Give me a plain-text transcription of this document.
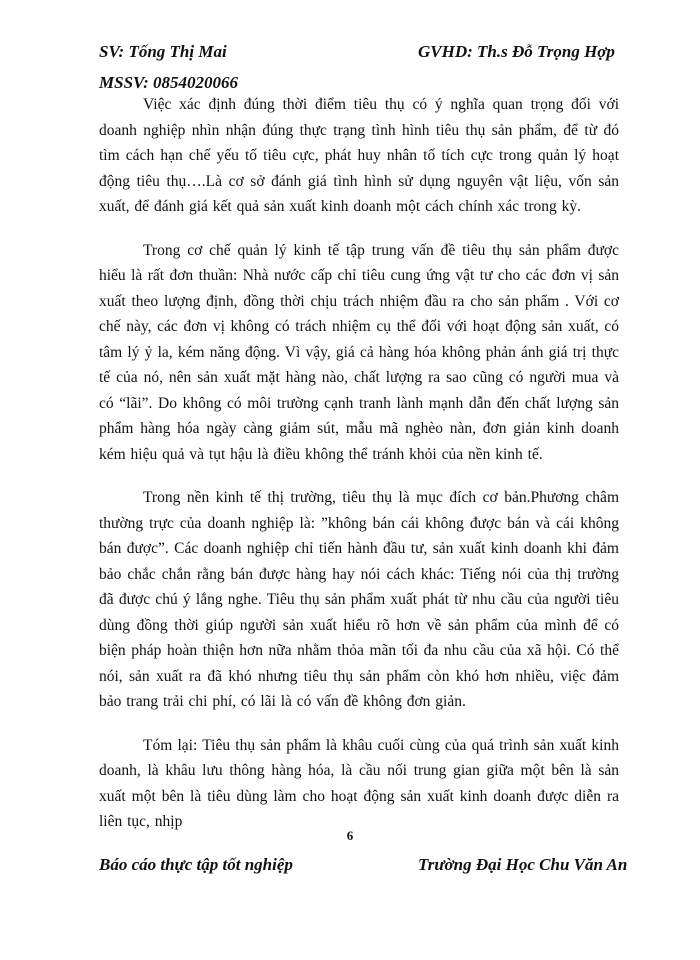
SV: Tống Thị Mai	GVHD: Th.s Đỗ Trọng Hợp
MSSV: 0854020066

Việc xác định đúng thời điểm tiêu thụ có ý nghĩa quan trọng đối với doanh nghiệp nhìn nhận đúng thực trạng tình hình tiêu thụ sản phẩm, để từ đó tìm cách hạn chế yếu tố tiêu cực, phát huy nhân tố tích cực trong quản lý hoạt động tiêu thụ….Là cơ sở đánh giá tình hình sử dụng nguyên vật liệu, vốn sản xuất, để đánh giá kết quả sản xuất kinh doanh một cách chính xác trong kỳ.

Trong cơ chế quản lý kinh tế tập trung vấn đề tiêu thụ sản phẩm được hiểu là rất đơn thuần: Nhà nước cấp chỉ tiêu cung ứng vật tư cho các đơn vị sản xuất theo lượng định, đồng thời chịu trách nhiệm đầu ra cho sản phẩm . Với cơ chế này, các đơn vị không có trách nhiệm cụ thể đối với hoạt động sản xuất, có tâm lý ỷ la, kém năng động. Vì vậy, giá cả hàng hóa không phản ánh giá trị thực tế của nó, nên sản xuất mặt hàng nào, chất lượng ra sao cũng có người mua và có “lãi”. Do không có môi trường cạnh tranh lành mạnh dẫn đến chất lượng sản phẩm hàng hóa ngày càng giảm sút, mẫu mã nghèo nàn, đơn giản kinh doanh kém hiệu quả và tụt hậu là điều không thể tránh khỏi của nền kinh tế.

Trong nền kinh tế thị trường, tiêu thụ là mục đích cơ bản.Phương châm thường trực của doanh nghiệp là: ”không bán cái không được bán và cái không bán được”. Các doanh nghiệp chỉ tiến hành đầu tư, sản xuất kinh doanh khi đảm bảo chắc chắn rằng bán được hàng hay nói cách khác: Tiếng nói của thị trường đã được chú ý lắng nghe. Tiêu thụ sản phẩm xuất phát từ nhu cầu của người tiêu dùng đồng thời giúp người sản xuất hiểu rõ hơn về sản phẩm của mình để có biện pháp hoàn thiện hơn nữa nhằm thỏa mãn tối đa nhu cầu của xã hội. Có thể nói, sản xuất ra đã khó nhưng tiêu thụ sản phẩm còn khó hơn nhiều, việc đảm bảo trang trải chi phí, có lãi là có vấn đề không đơn giản.

Tóm lại: Tiêu thụ sản phẩm là khâu cuối cùng của quá trình sản xuất kinh doanh, là khâu lưu thông hàng hóa, là cầu nối trung gian giữa một bên là sản xuất một bên là tiêu dùng làm cho hoạt động sản xuất kinh doanh được diễn ra liên tục, nhịp

6
Báo cáo thực tập tốt nghiệp	Trường Đại Học Chu Văn An
